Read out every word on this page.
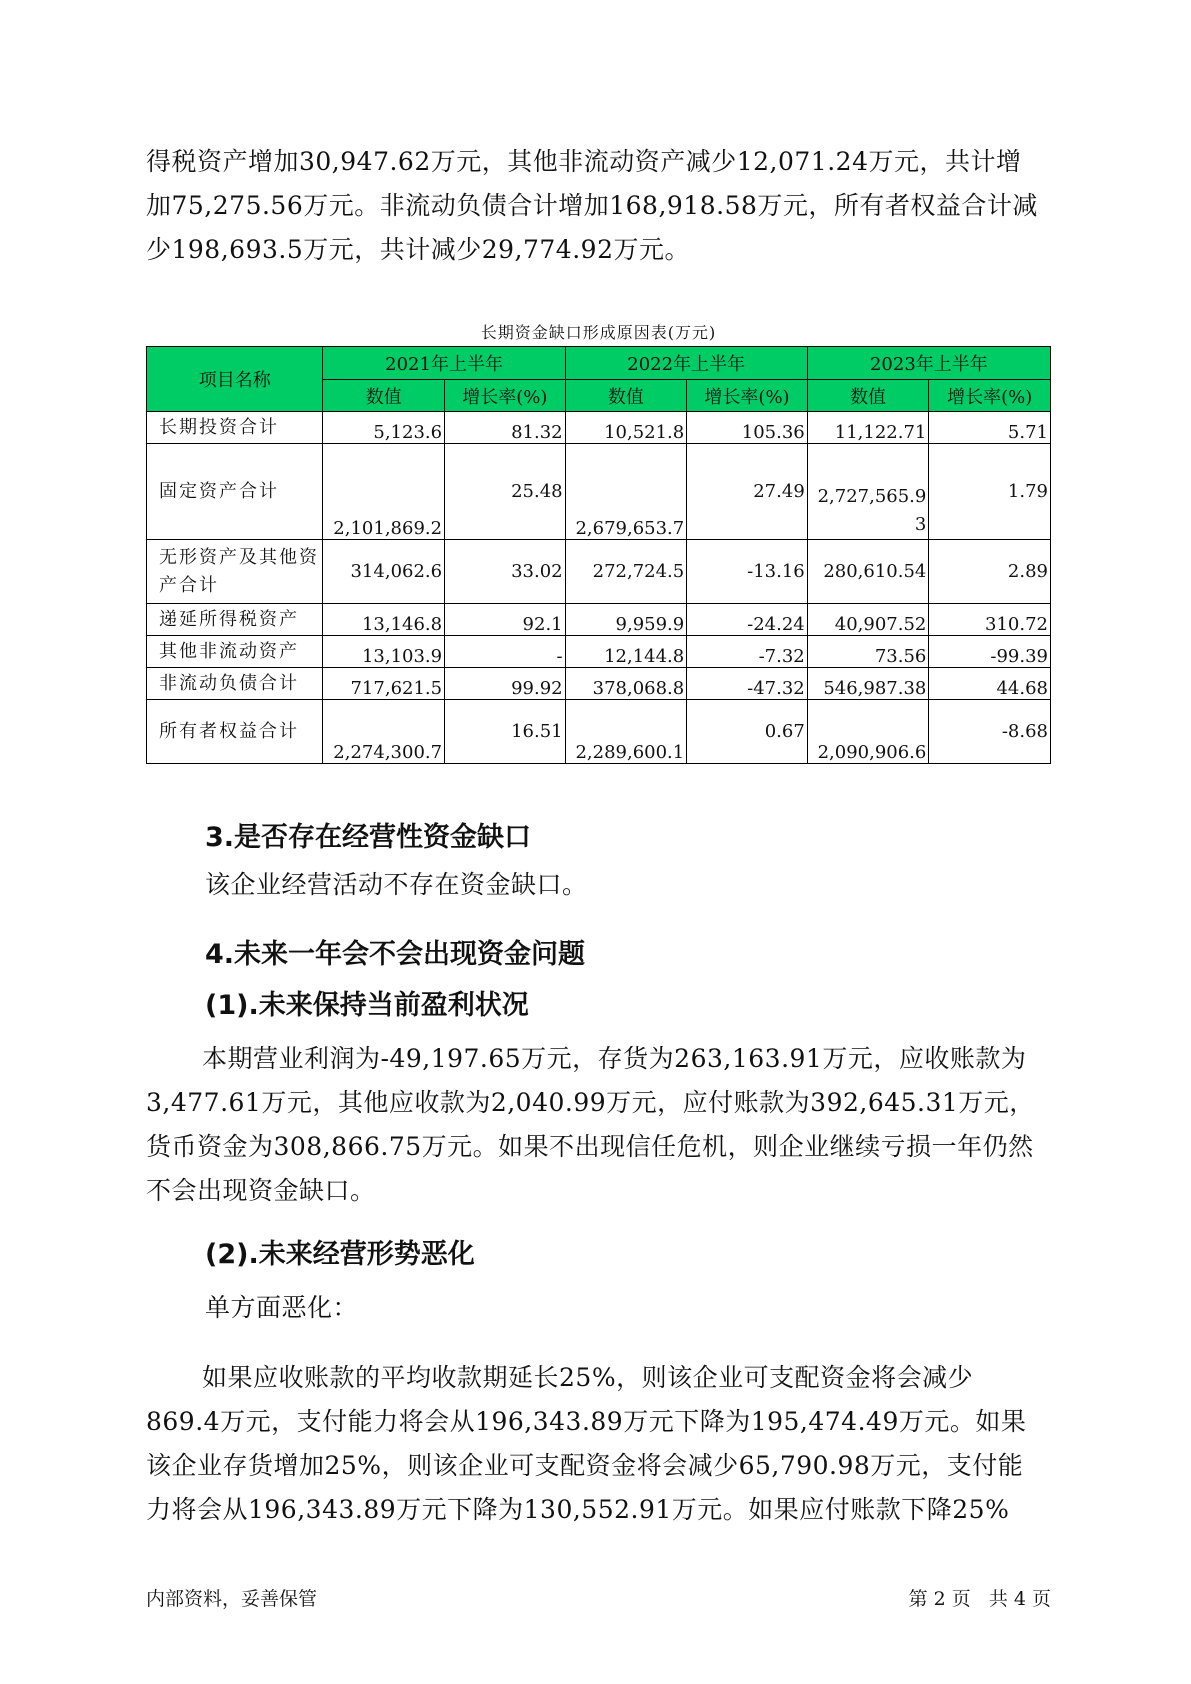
得税资产增加30,947.62万元，其他非流动资产减少12,071.24万元，共计增加75,275.56万元。非流动负债合计增加168,918.58万元，所有者权益合计减少198,693.5万元，共计减少29,774.92万元。

长期资金缺口形成原因表(万元)
项目名称	2021年上半年		2022年上半年		2023年上半年	
	数值	增长率(%)	数值	增长率(%)	数值	增长率(%)
长期投资合计	5,123.6	81.32	10,521.8	105.36	11,122.71	5.71
固定资产合计	2,101,869.2	25.48	2,679,653.7	27.49	2,727,565.93	1.79
无形资产及其他资产合计	314,062.6	33.02	272,724.5	-13.16	280,610.54	2.89
递延所得税资产	13,146.8	92.1	9,959.9	-24.24	40,907.52	310.72
其他非流动资产	13,103.9	-	12,144.8	-7.32	73.56	-99.39
非流动负债合计	717,621.5	99.92	378,068.8	-47.32	546,987.38	44.68
所有者权益合计	2,274,300.7	16.51	2,289,600.1	0.67	2,090,906.6	-8.68
3.是否存在经营性资金缺口

该企业经营活动不存在资金缺口。

4.未来一年会不会出现资金问题
(1).未来保持当前盈利状况

本期营业利润为-49,197.65万元，存货为263,163.91万元，应收账款为3,477.61万元，其他应收款为2,040.99万元，应付账款为392,645.31万元，货币资金为308,866.75万元。如果不出现信任危机，则企业继续亏损一年仍然不会出现资金缺口。

(2).未来经营形势恶化

单方面恶化：

如果应收账款的平均收款期延长25%，则该企业可支配资金将会减少869.4万元，支付能力将会从196,343.89万元下降为195,474.49万元。如果该企业存货增加25%，则该企业可支配资金将会减少65,790.98万元，支付能力将会从196,343.89万元下降为130,552.91万元。如果应付账款下降25%

内部资料，妥善保管	第 2 页   共 4 页
